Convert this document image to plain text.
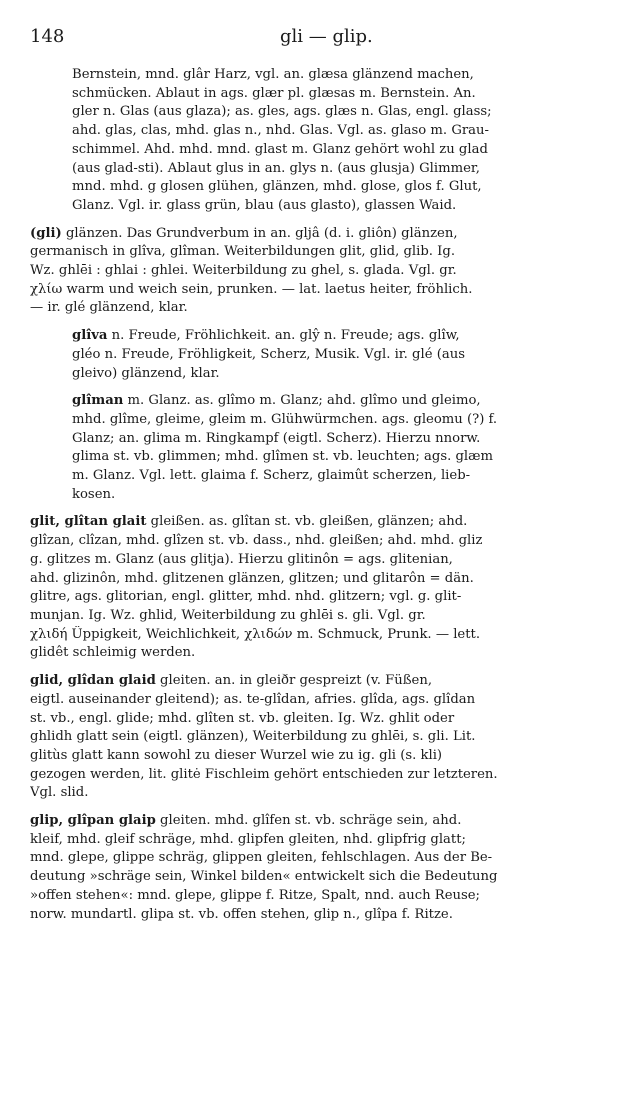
148	gli — glip.
Bernstein, mnd. glâr Harz, vgl. an. glæsa glänzend machen,
schmücken. Ablaut in ags. glær pl. glæsas m. Bernstein. An.
gler n. Glas (aus glaza); as. gles, ags. glæs n. Glas, engl. glass;
ahd. glas, clas, mhd. glas n., nhd. Glas. Vgl. as. glaso m. Grau-
schimmel. Ahd. mhd. mnd. glast m. Glanz gehört wohl zu glad
(aus glad-sti). Ablaut glus in an. glys n. (aus glusja) Glimmer,
mnd. mhd. g glosen glühen, glänzen, mhd. glose, glos f. Glut,
Glanz. Vgl. ir. glass grün, blau (aus glasto), glassen Waid.
(gli) glänzen. Das Grundverbum in an. gljâ (d. i. gliôn) glänzen,
germanisch in glîva, glîman. Weiterbildungen glit, glid, glib. Ig.
Wz. ghlēi : ghlai : ghlei. Weiterbildung zu ghel, s. glada. Vgl. gr.
χλίω warm und weich sein, prunken. — lat. laetus heiter, fröhlich.
— ir. glé glänzend, klar.
glîva n. Freude, Fröhlichkeit. an. glŷ n. Freude; ags. glîw,
gléo n. Freude, Fröhligkeit, Scherz, Musik. Vgl. ir. glé (aus
gleivo) glänzend, klar.
glîman m. Glanz. as. glîmo m. Glanz; ahd. glîmo und gleimo,
mhd. glîme, gleime, gleim m. Glühwürmchen. ags. gleomu (?) f.
Glanz; an. glima m. Ringkampf (eigtl. Scherz). Hierzu nnorw.
glima st. vb. glimmen; mhd. glîmen st. vb. leuchten; ags. glæm
m. Glanz. Vgl. lett. glaima f. Scherz, glaimût scherzen, lieb-
kosen.
glit, glîtan glait gleißen. as. glîtan st. vb. gleißen, glänzen; ahd.
glîzan, clîzan, mhd. glîzen st. vb. dass., nhd. gleißen; ahd. mhd. gliz
g. glitzes m. Glanz (aus glitja). Hierzu glitinôn = ags. glitenian,
ahd. glizinôn, mhd. glitzenen glänzen, glitzen; und glitarôn = dän.
glitre, ags. glitorian, engl. glitter, mhd. nhd. glitzern; vgl. g. glit-
munjan. Ig. Wz. ghlid, Weiterbildung zu ghlēi s. gli. Vgl. gr.
χλιδή Üppigkeit, Weichlichkeit, χλιδών m. Schmuck, Prunk. — lett.
glidêt schleimig werden.
glid, glîdan glaid gleiten. an. in gleiðr gespreizt (v. Füßen,
eigtl. auseinander gleitend); as. te-glîdan, afries. glîda, ags. glîdan
st. vb., engl. glide; mhd. glîten st. vb. gleiten. Ig. Wz. ghlit oder
ghlidh glatt sein (eigtl. glänzen), Weiterbildung zu ghlēi, s. gli. Lit.
glitùs glatt kann sowohl zu dieser Wurzel wie zu ig. gli (s. kli)
gezogen werden, lit. glitė Fischleim gehört entschieden zur letzteren.
Vgl. slid.
glip, glîpan glaip gleiten. mhd. glîfen st. vb. schräge sein, ahd.
kleif, mhd. gleif schräge, mhd. glipfen gleiten, nhd. glipfrig glatt;
mnd. glepe, glippe schräg, glippen gleiten, fehlschlagen. Aus der Be-
deutung »schräge sein, Winkel bilden« entwickelt sich die Bedeutung
»offen stehen«: mnd. glepe, glippe f. Ritze, Spalt, nnd. auch Reuse;
norw. mundartl. glipa st. vb. offen stehen, glip n., glîpa f. Ritze.
